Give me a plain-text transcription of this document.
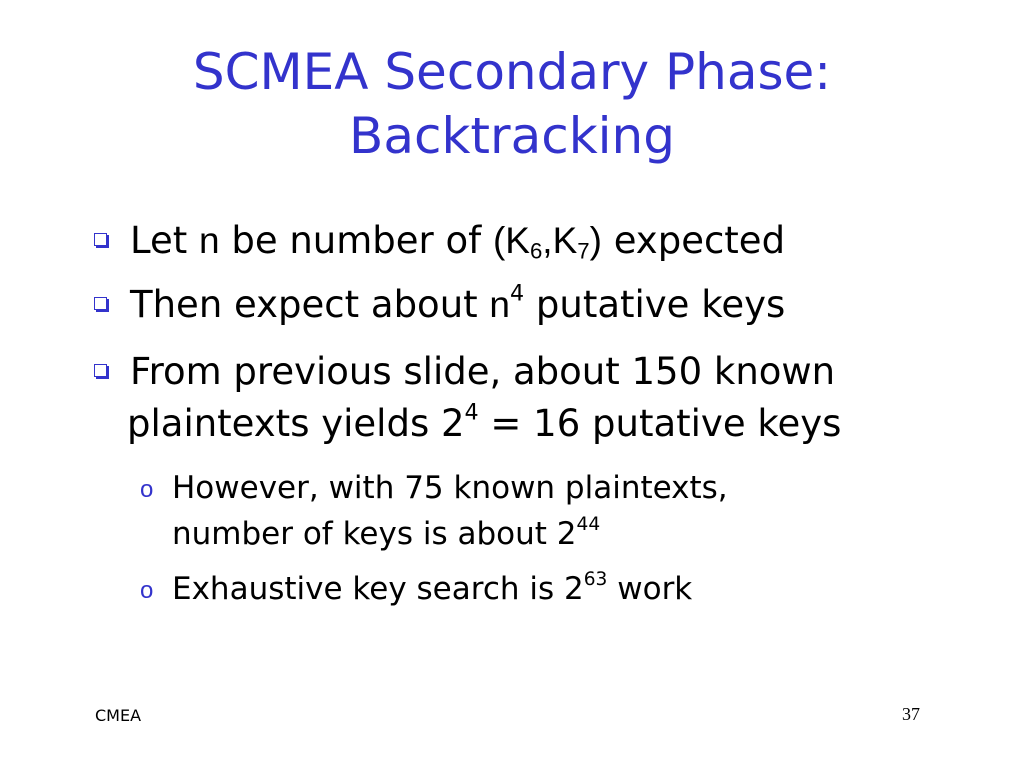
SCMEA Secondary Phase:
Backtracking
Let n be number of $(K_6,K_7)$ expected
Then expect about $n^4$ putative keys
From previous slide, about 150 known
plaintexts yields $2^4 = 16$ putative keys
o However, with 75 known plaintexts,
number of keys is about $2^{44}$
o Exhaustive key search is $2^{63}$ work
CMEA	37
